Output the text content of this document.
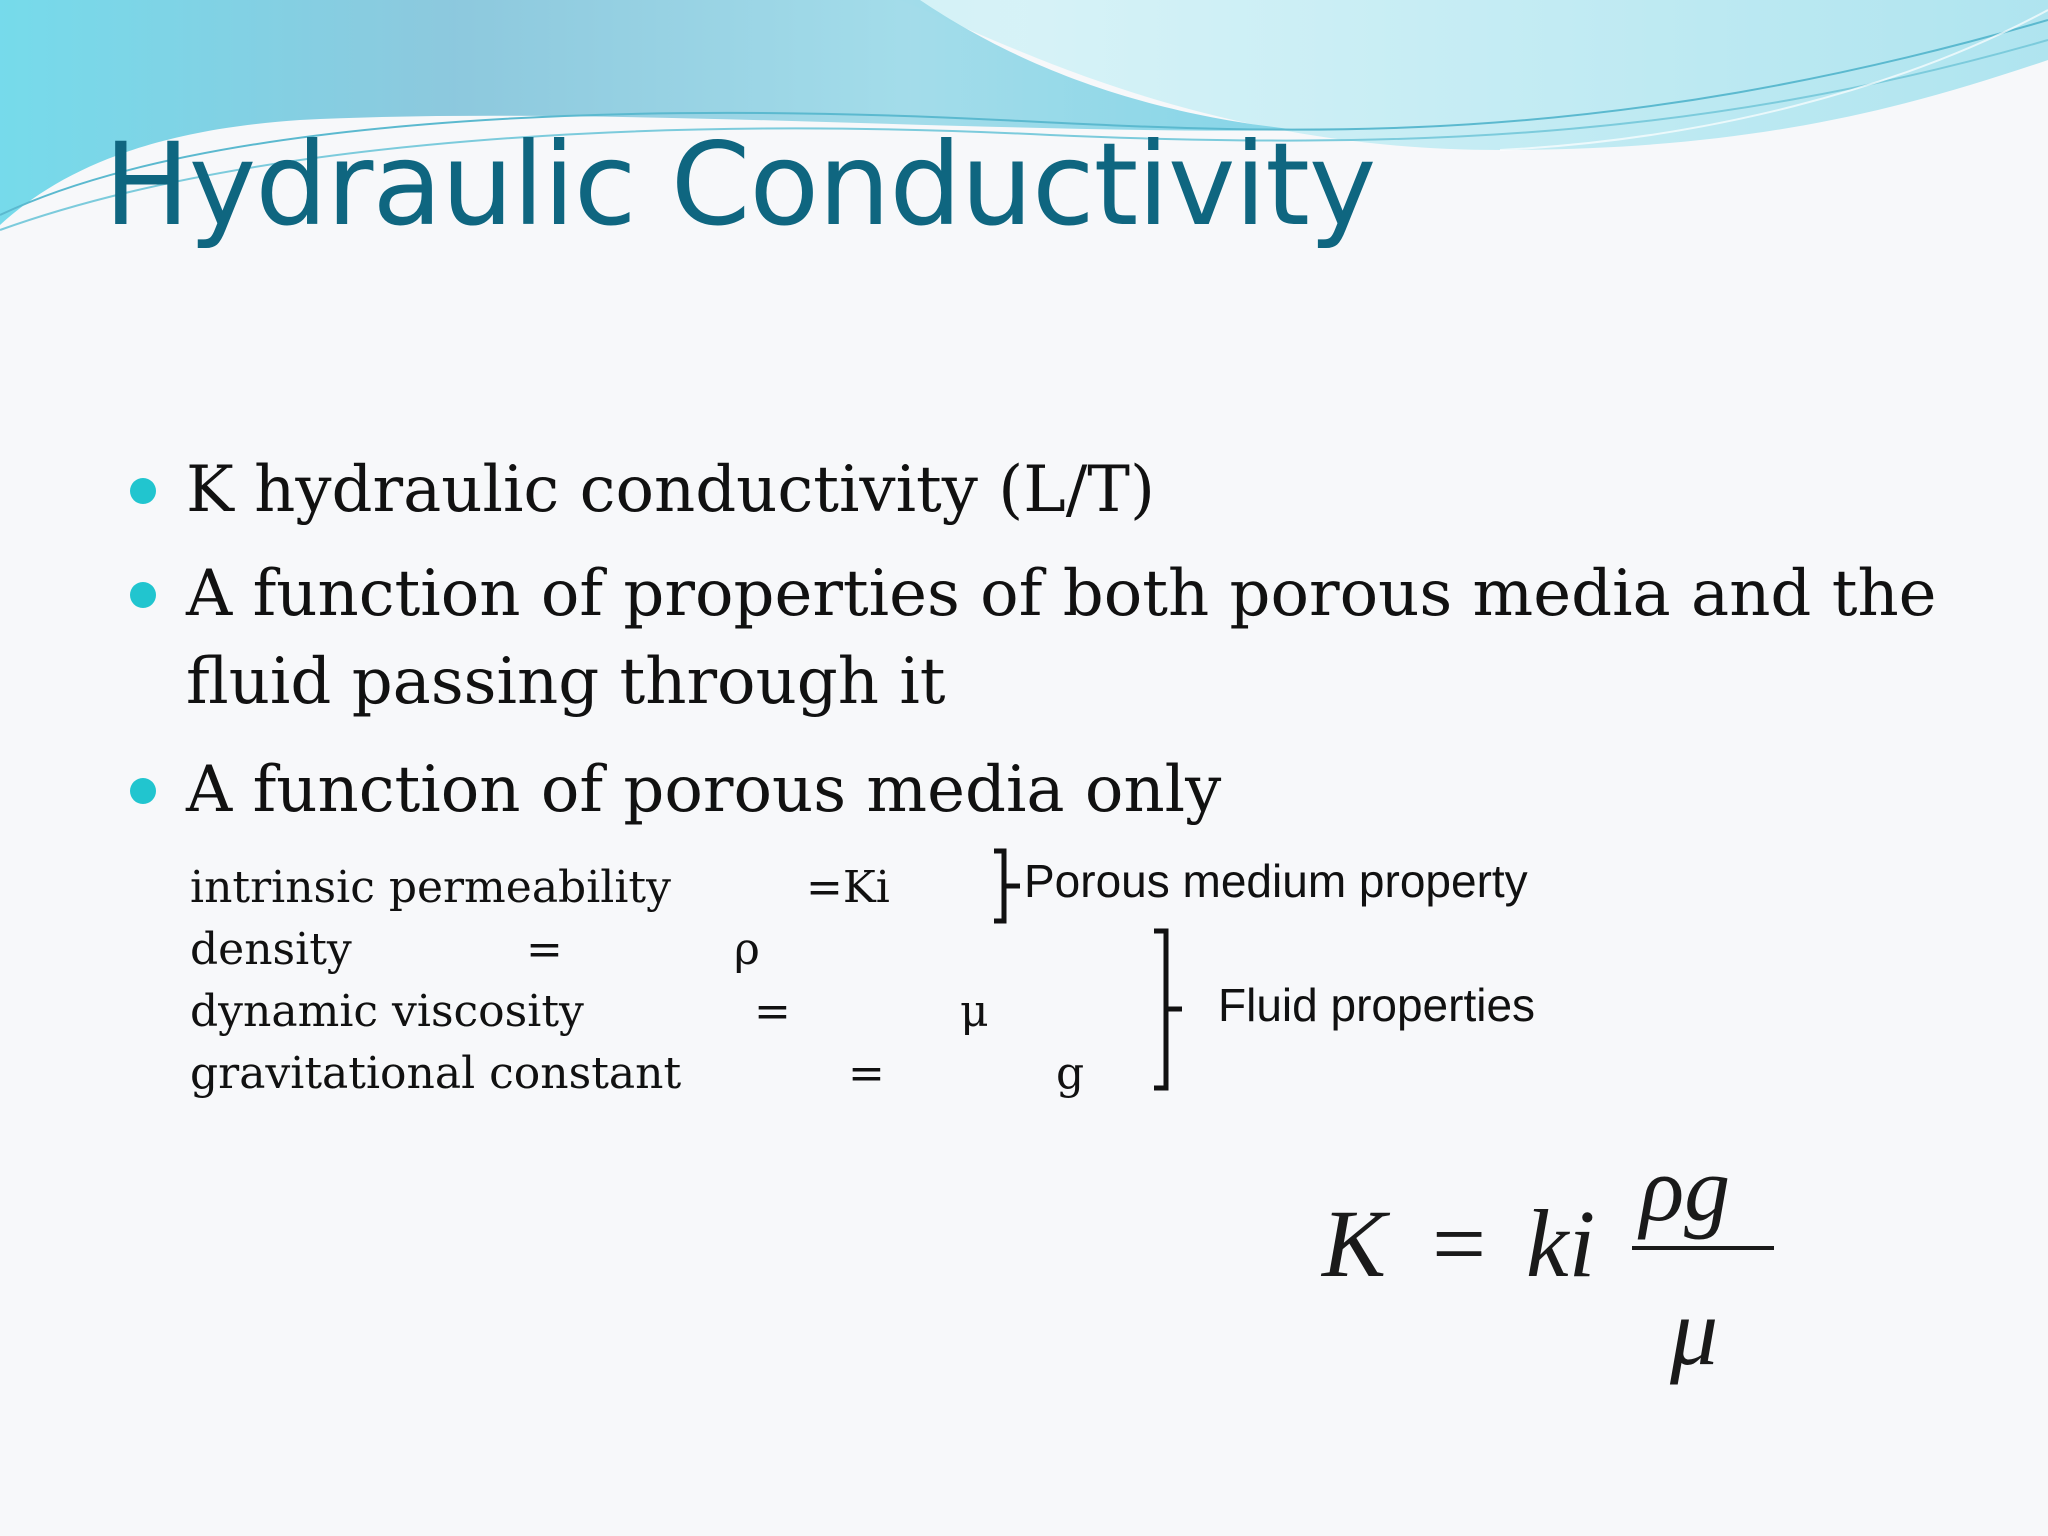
Hydraulic Conductivity
K hydraulic conductivity (L/T)
A function of properties of both porous media and the
fluid passing through it
A function of porous media only
intrinsic permeability	=Ki
density	=	ρ
dynamic viscosity	=	μ
gravitational constant	=	g
Porous medium property
Fluid properties
K = ki
ρg
μ
